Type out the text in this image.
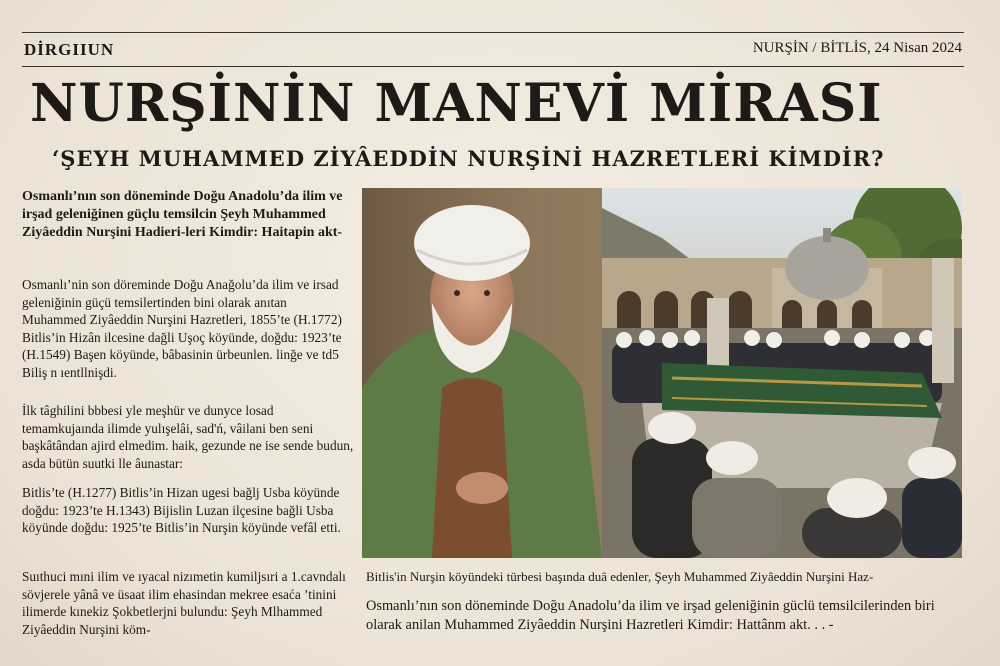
DİRGIIUN	NURŞİN / BİTLİS, 24 Nisan 2024
NURŞİNİN MANEVİ MİRASI
‘ŞEYH MUHAMMED ZİYÂEDDİN NURŞİNİ HAZRETLERİ KİMDİR?

Osmanlı’nın son döneminde Doğu Anadolu’da ilim ve irşad geleniğinen güçlu temsilcin Şeyh Muhammed Ziyâeddin Nurşini Hadieri-leri Kimdir: Haitapin akt-

Osmanlı’nin son döreminde Doğu Anağolu’da ilim ve irsad geleniğinin güçü temsilertinden bini olarak anıtan Muhammed Ziyâeddin Nurşini Hazretleri, 1855’te (H.1772) Bitlis’in Hizân ilcesine dağli Uşoç köyünde, doğdu: 1923’te (H.1549) Başen köyünde, bâbasinin ürbeunlen. linğe ve td5 Biliş n ıentllnişdi.

İlk tâghilini bbbesi yle meşhür ve dunyce losad temamkujaında ilimde yulışelâi, sad'ń, vâilani ben seni başkâtândan ajird elmedim. haik, gezunde ne ise sende budun, asda bütün suutki lle âunastar:

Bitlis’te (H.1277) Bitlis’in Hizan ugesi bağlj Usba köyünde doğdu: 1923’te H.1343) Bijislin Luzan ilçesine bağli Usba köyünde doğdu: 1925’te Bitlis’in Nurşin köyünde vefâl etti.

Suıthuci mıni ilim ve ıyacal nizımetin kumiljsıri a 1.cavndalı sövjerele yânâ ve üsaat ilim ehasindan mekree esaća ’tinini ilimerde kınekiz Şokbetlerjni bulundu: Şeyh Mlhammed Ziyâeddin Nurşini köm-

Bitlis'in Nurşin köyündeki türbesi başında duâ edenler, Şeyh Muhammed Ziyâeddin Nurşini Haz-
Osmanlı’nın son döneminde Doğu Anadolu’da ilim ve irşad geleniğinin güclü temsilcilerinden biri olarak anilan Muhammed Ziyâeddin Nurşini Hazretleri Kimdir: Hattânm akt. . . -
